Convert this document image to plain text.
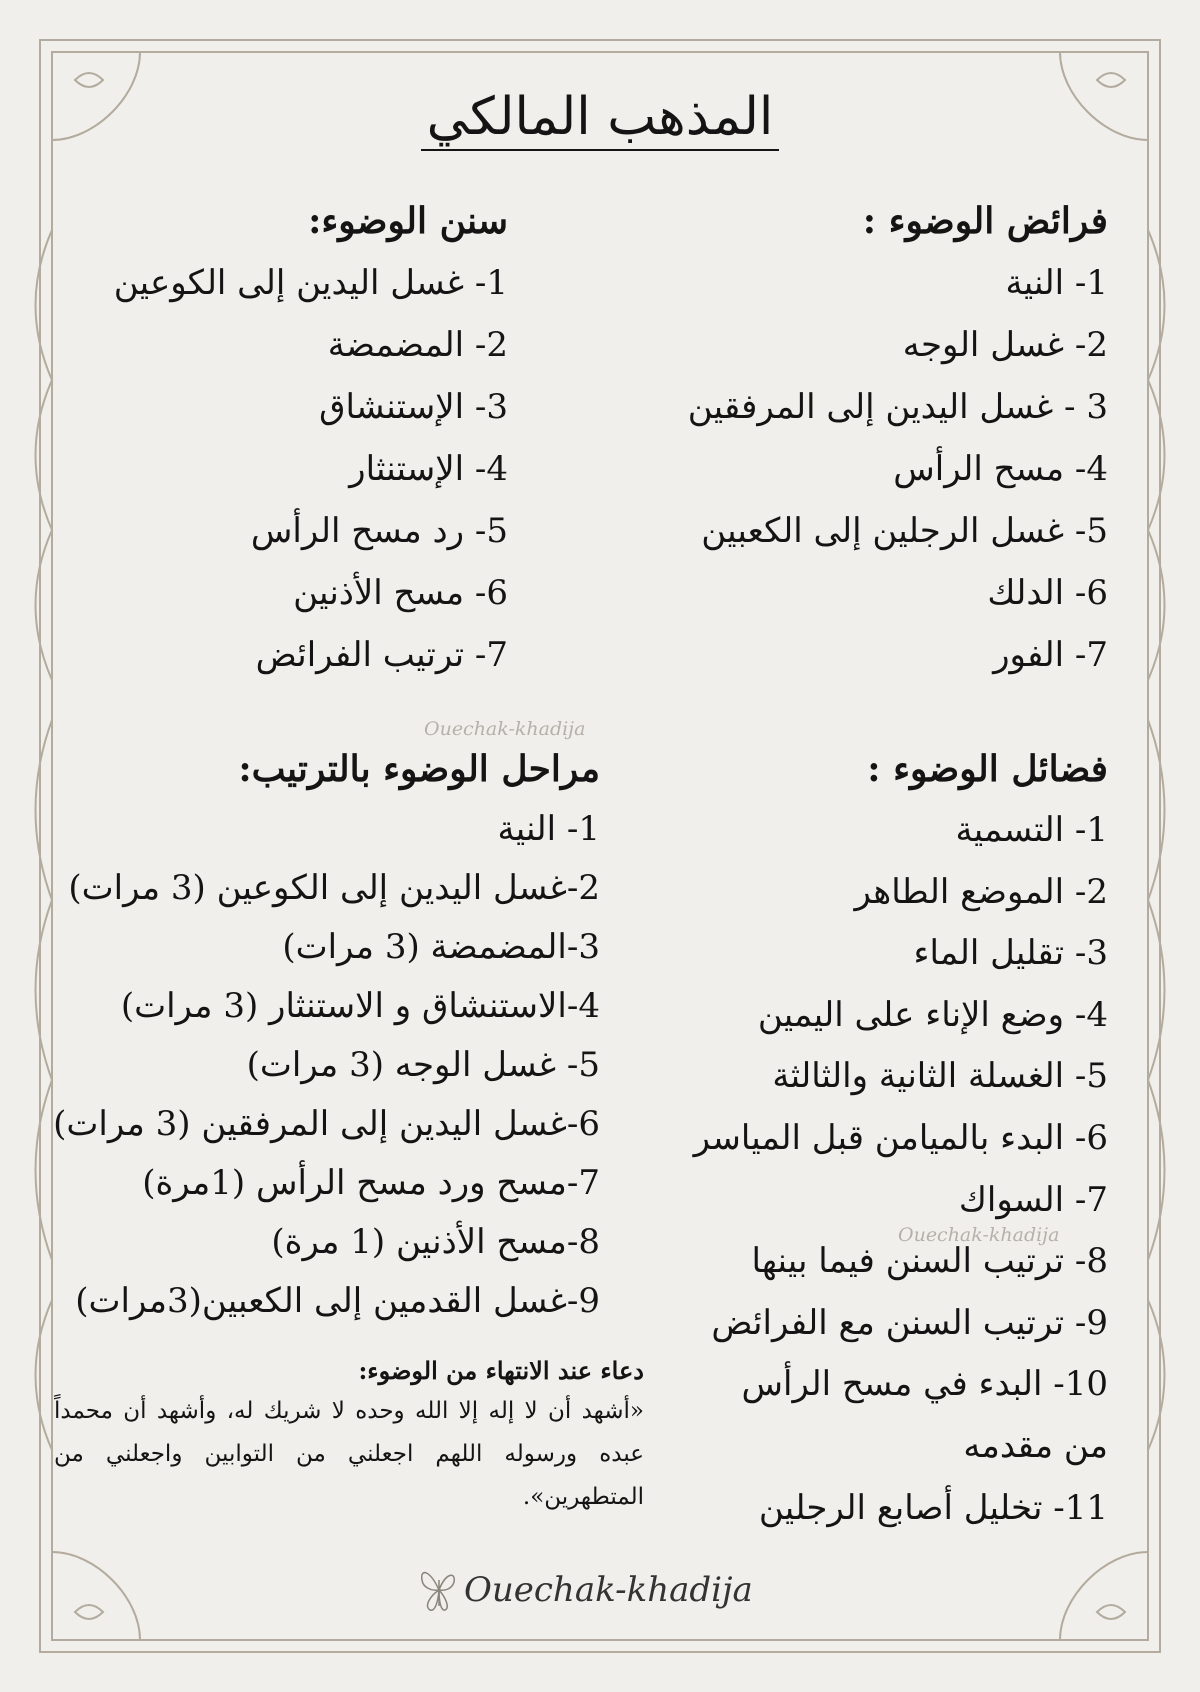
المذهب المالكي
فرائض الوضوء :
1- النية
2- غسل الوجه
3 - غسل اليدين إلى المرفقين
4- مسح الرأس
5- غسل الرجلين إلى الكعبين
6- الدلك
7- الفور
سنن الوضوء:
1- غسل اليدين إلى الكوعين
2- المضمضة
3- الإستنشاق
4- الإستنثار
5- رد مسح الرأس
6- مسح الأذنين
7- ترتيب الفرائض
Ouechak-khadija
فضائل الوضوء :
1- التسمية
2- الموضع الطاهر
3- تقليل الماء
4- وضع الإناء على اليمين
5- الغسلة الثانية والثالثة
6- البدء بالميامن قبل المياسر
7- السواك
8- ترتيب السنن فيما بينها
9- ترتيب السنن مع الفرائض
10- البدء في مسح الرأس
من مقدمه
11- تخليل أصابع الرجلين
مراحل الوضوء بالترتيب:
1- النية
2-غسل اليدين إلى الكوعين (3 مرات)
3-المضمضة (3 مرات)
4-الاستنشاق و الاستنثار (3 مرات)
5- غسل الوجه (3 مرات)
6-غسل اليدين إلى المرفقين (3 مرات)
7-مسح ورد مسح الرأس (1مرة)
8-مسح الأذنين (1 مرة)
9-غسل القدمين إلى الكعبين(3مرات)
Ouechak-khadija
دعاء عند الانتهاء من الوضوء:
«أشهد أن لا إله إلا الله وحده لا شريك له، وأشهد أن محمداً عبده ورسوله اللهم اجعلني من التوابين واجعلني من المتطهرين».
Ouechak-khadija
